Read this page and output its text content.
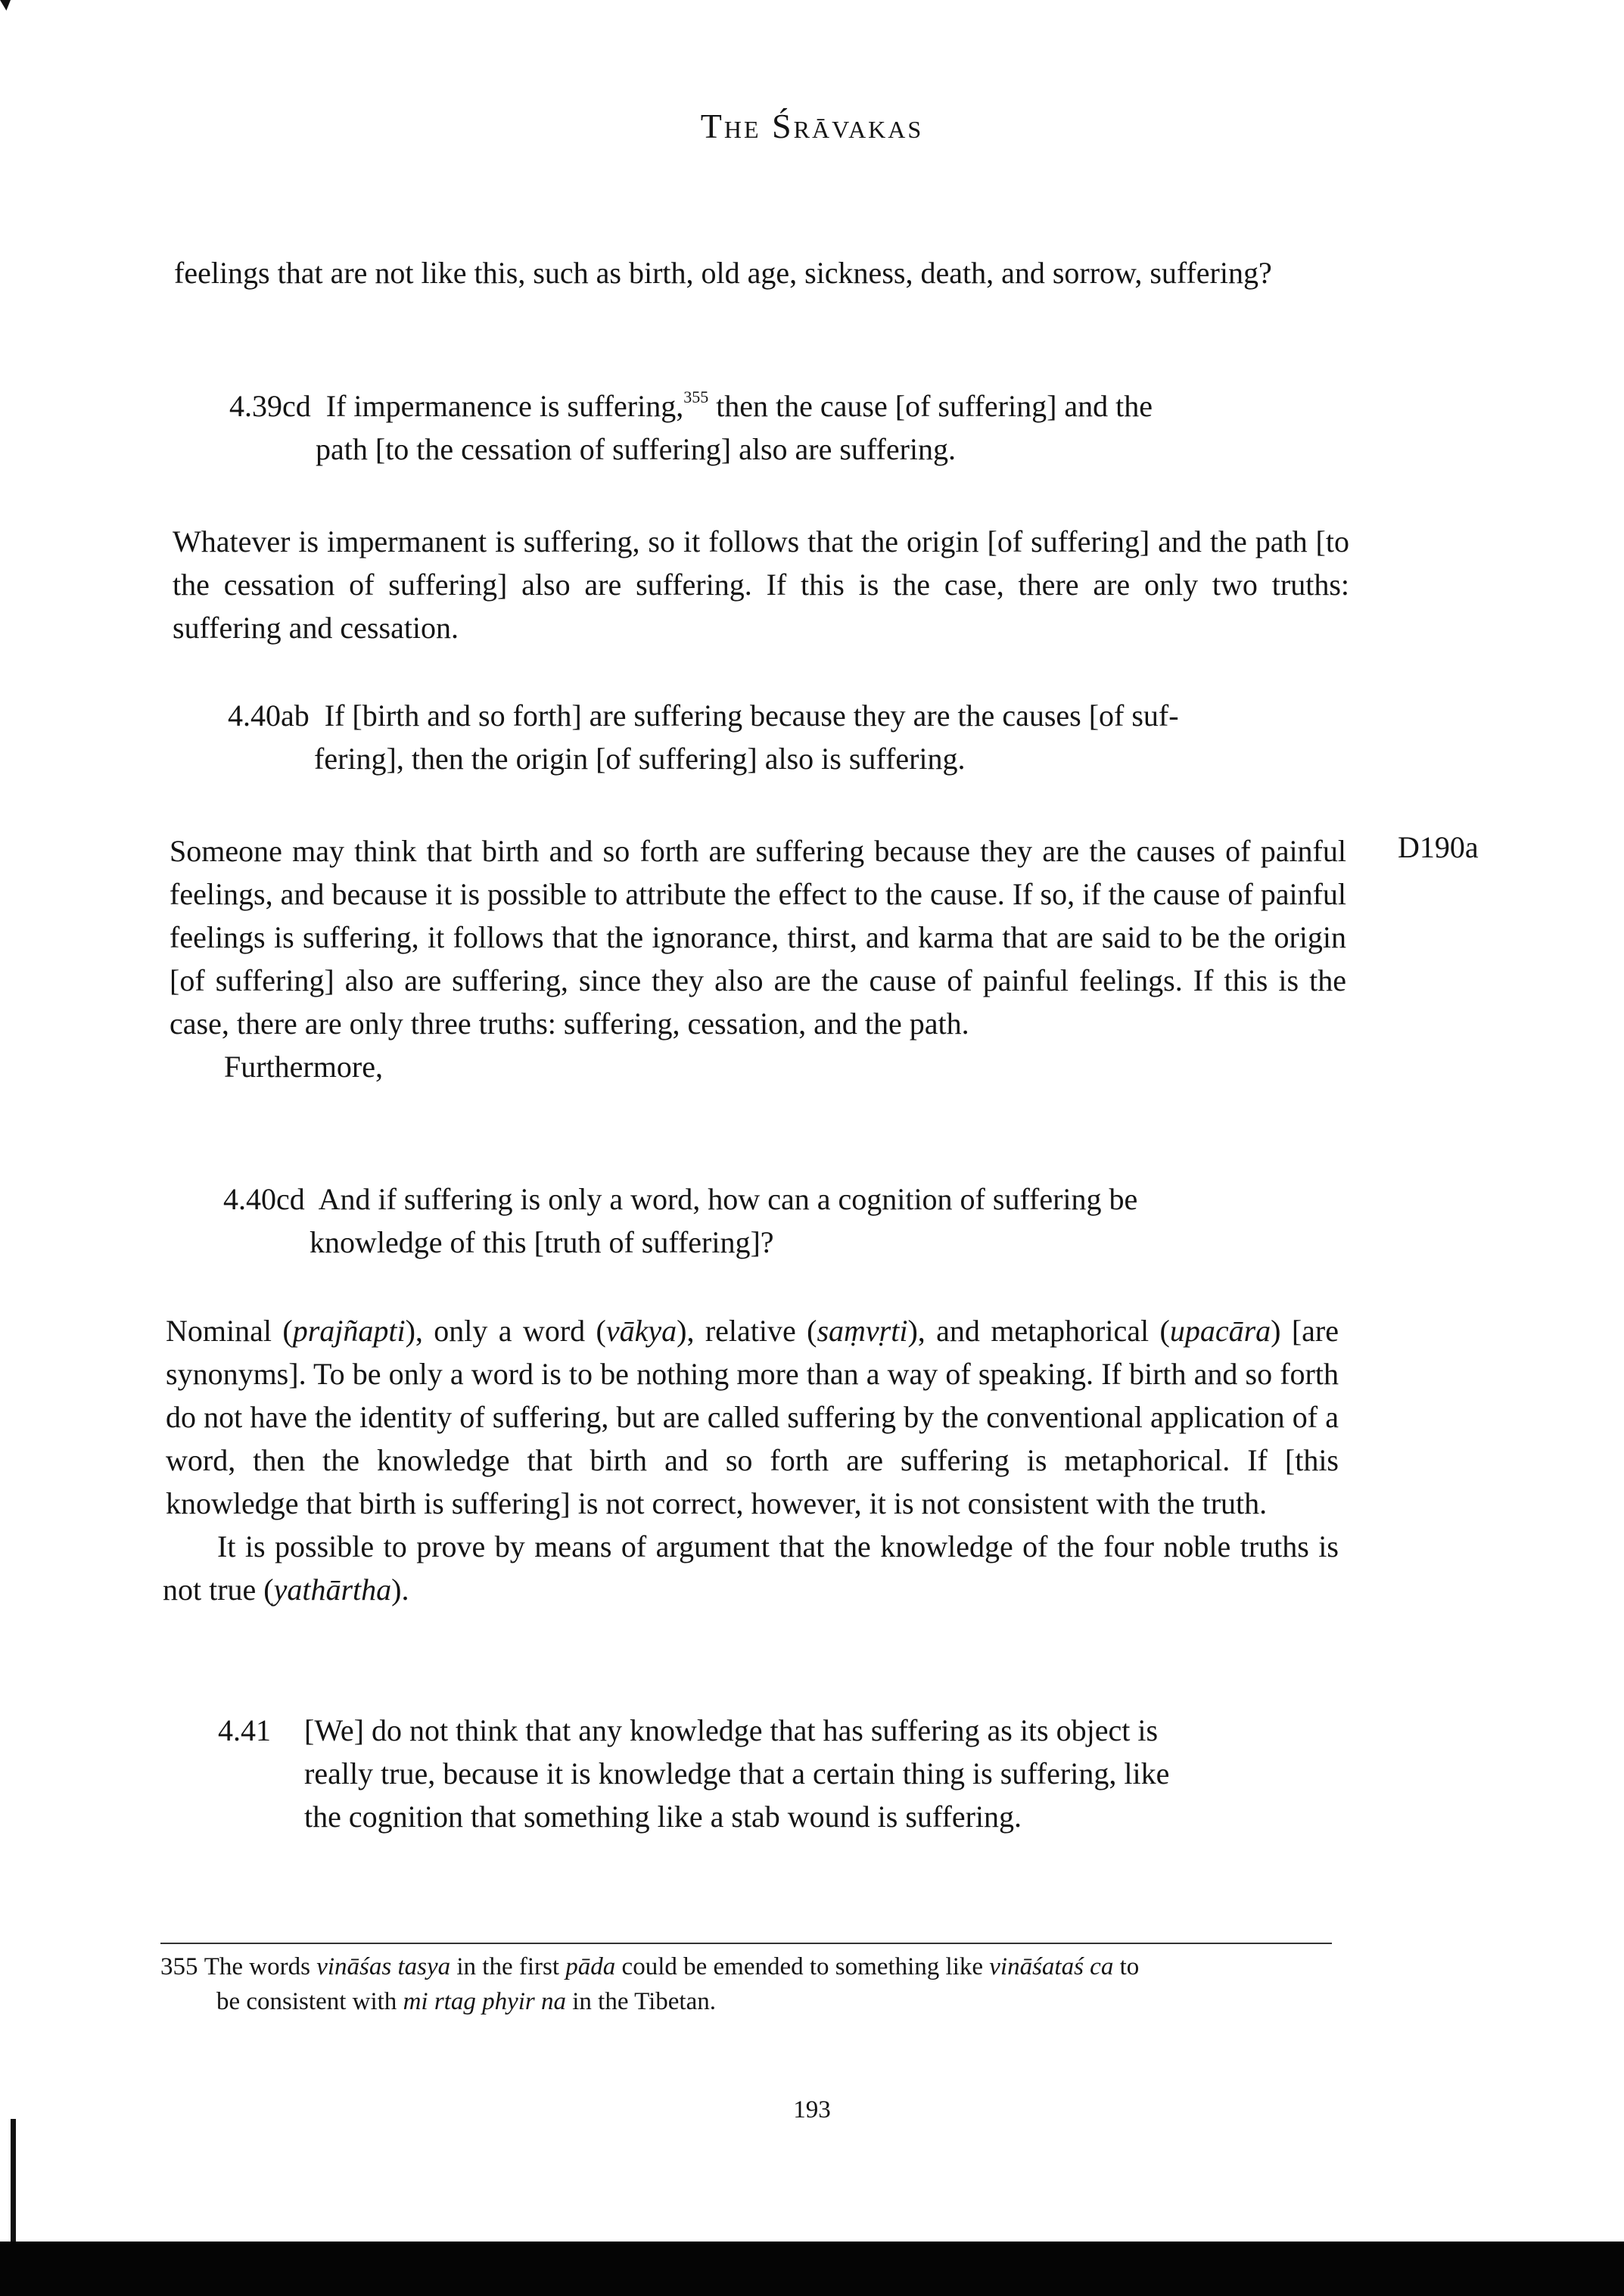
The Śrāvakas

feelings that are not like this, such as birth, old age, sickness, death, and sorrow, suffering?

4.39cd If impermanence is suffering,$^{355}$ then the cause [of suffering] and the
path [to the cessation of suffering] also are suffering.

Whatever is impermanent is suffering, so it follows that the origin [of suffering] and the path [to the cessation of suffering] also are suffering. If this is the case, there are only two truths: suffering and cessation.

4.40ab If [birth and so forth] are suffering because they are the causes [of suf-
fering], then the origin [of suffering] also is suffering.
D190a

Someone may think that birth and so forth are suffering because they are the causes of painful feelings, and because it is possible to attribute the effect to the cause. If so, if the cause of painful feelings is suffering, it follows that the ignorance, thirst, and karma that are said to be the origin [of suffering] also are suffering, since they also are the cause of painful feelings. If this is the case, there are only three truths: suffering, cessation, and the path.

Furthermore,

4.40cd And if suffering is only a word, how can a cognition of suffering be
knowledge of this [truth of suffering]?

Nominal (prajñapti), only a word (vākya), relative (saṃvṛti), and metaphorical (upacāra) [are synonyms]. To be only a word is to be nothing more than a way of speaking. If birth and so forth do not have the identity of suffering, but are called suffering by the conventional application of a word, then the knowledge that birth and so forth are suffering is metaphorical. If [this knowledge that birth is suffering] is not correct, however, it is not consistent with the truth.

It is possible to prove by means of argument that the knowledge of the four noble truths is not true (yathārtha).

4.41 [We] do not think that any knowledge that has suffering as its object is
really true, because it is knowledge that a certain thing is suffering, like
the cognition that something like a stab wound is suffering.
355 The words vināśas tasya in the first pāda could be emended to something like vināśataś ca to
be consistent with mi rtag phyir na in the Tibetan.
193
